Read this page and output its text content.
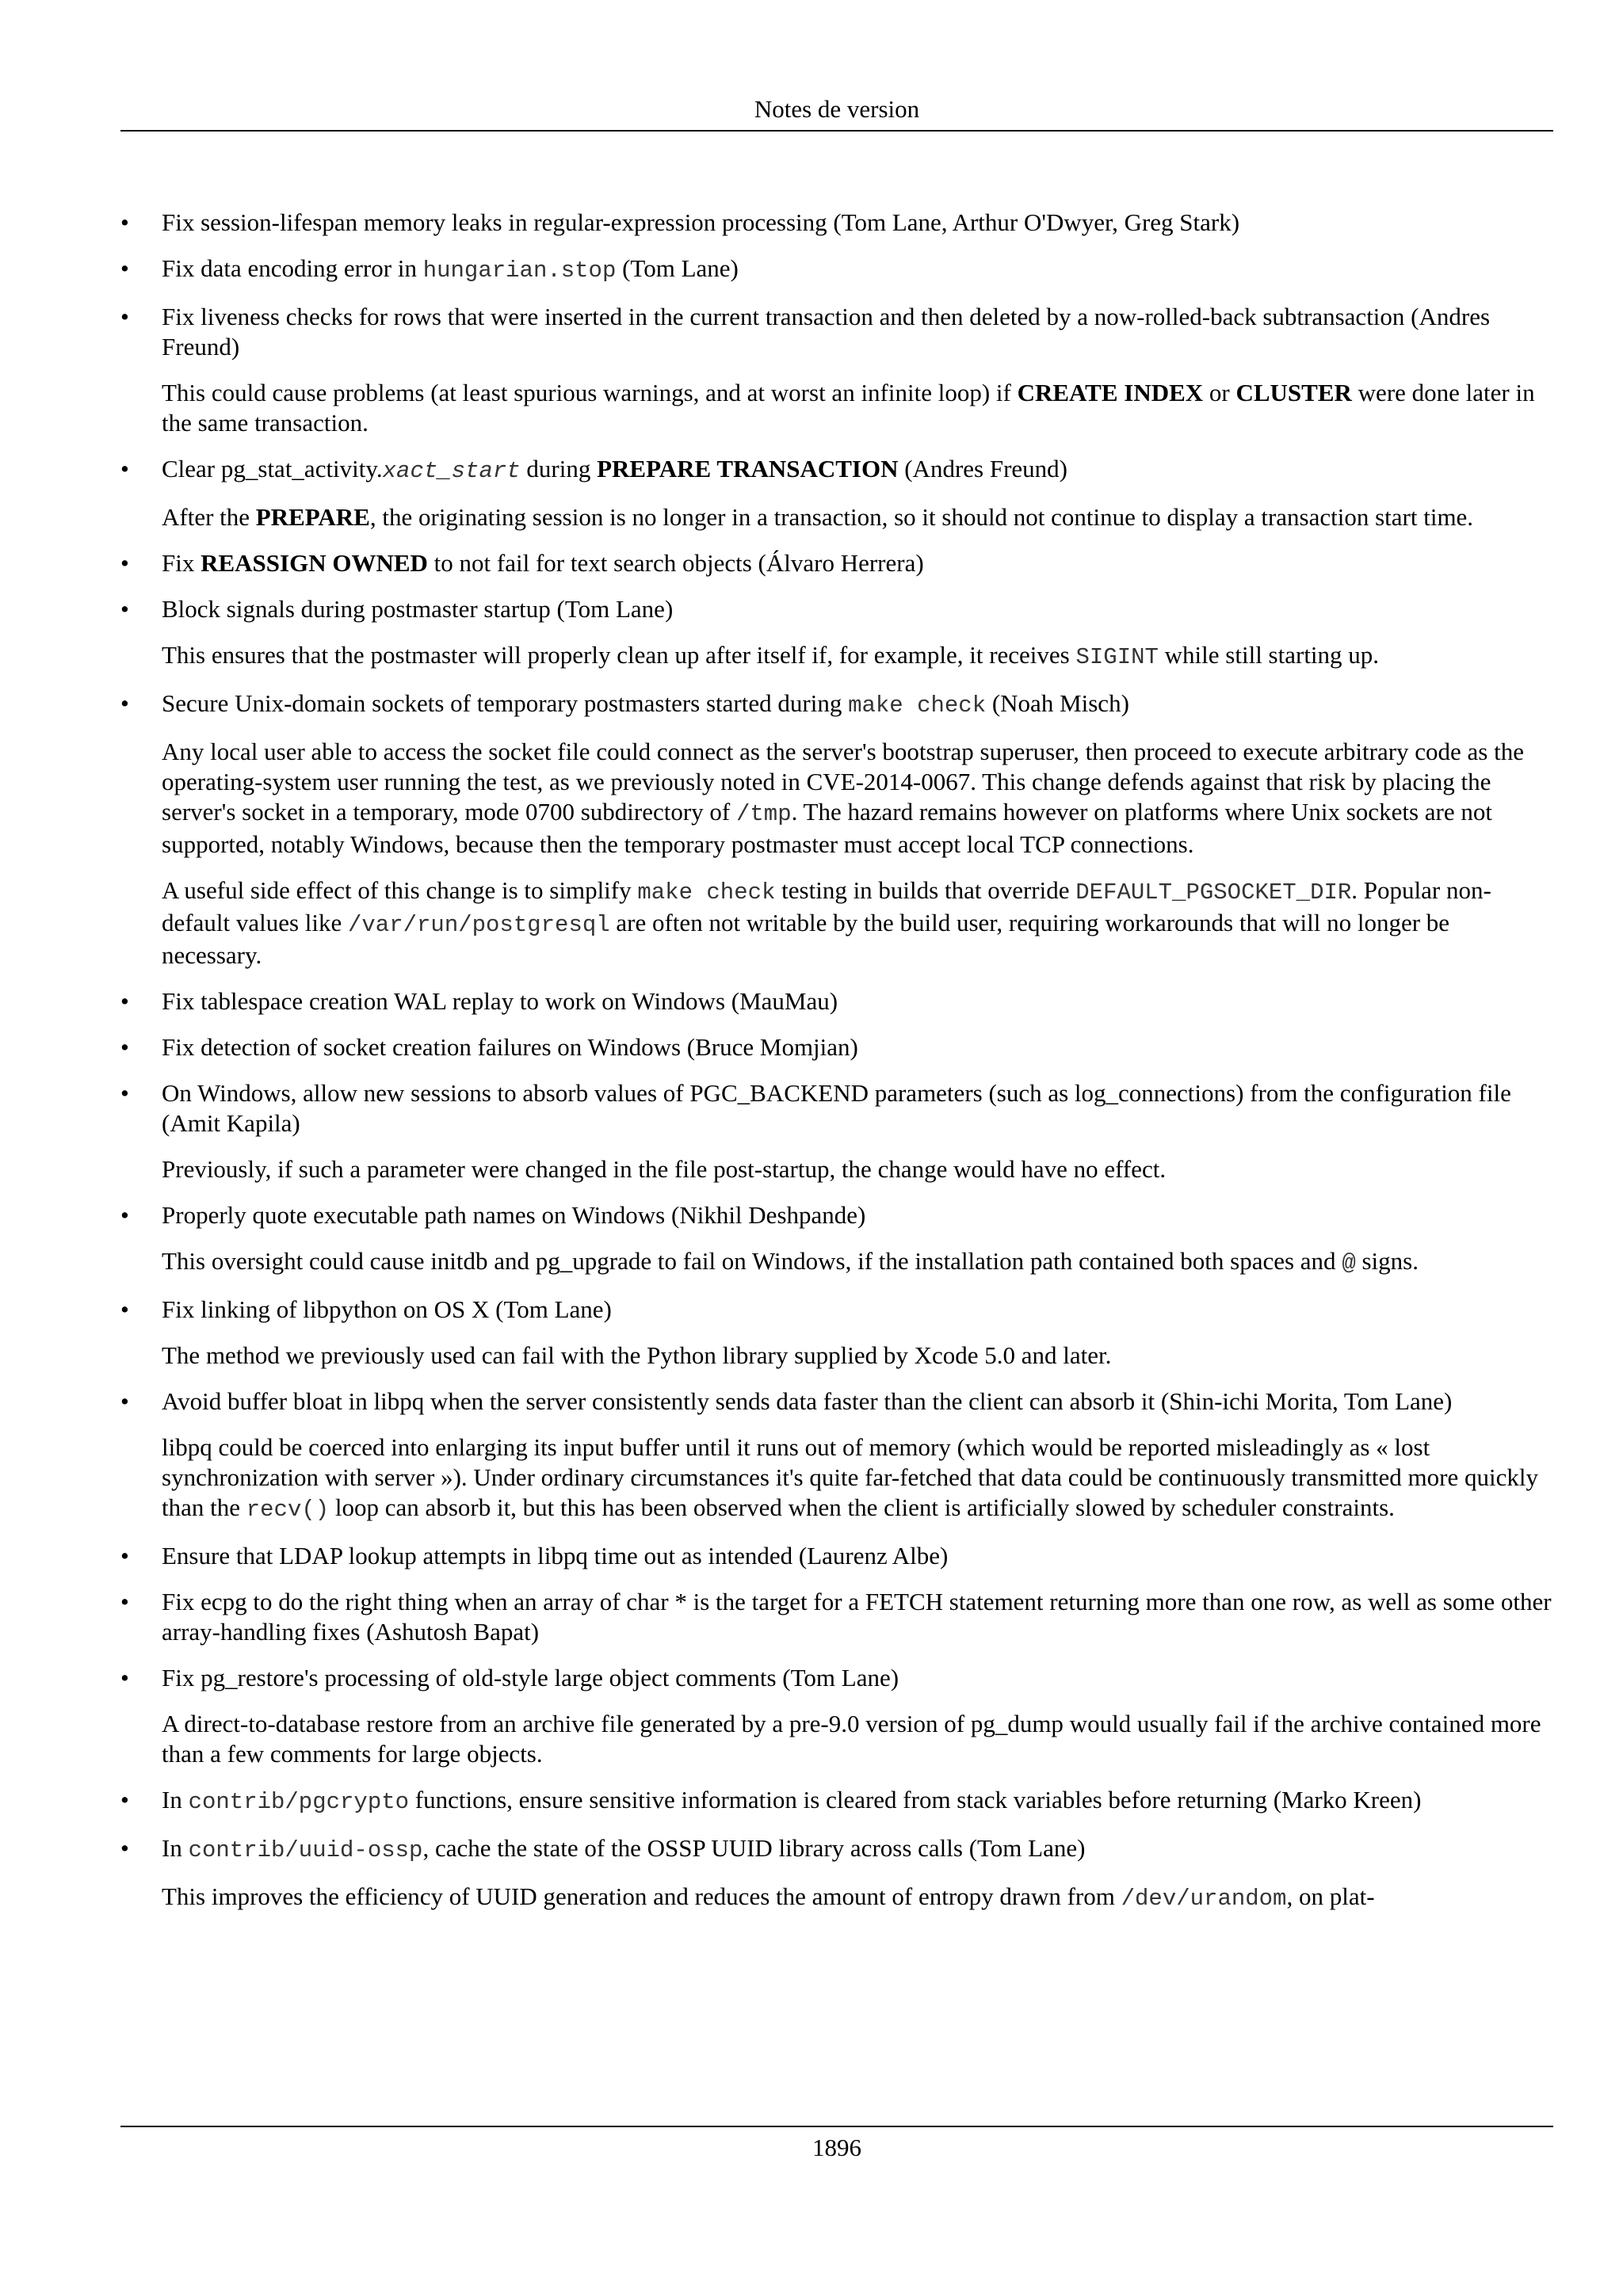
Notes de version
•	Fix session-lifespan memory leaks in regular-expression processing (Tom Lane, Arthur O'Dwyer, Greg Stark)

•	Fix data encoding error in hungarian.stop (Tom Lane)

•	Fix liveness checks for rows that were inserted in the current transaction and then deleted by a now-rolled-back subtransaction (Andres Freund)

This could cause problems (at least spurious warnings, and at worst an infinite loop) if CREATE INDEX or CLUSTER were done later in the same transaction.

•	Clear pg_stat_activity.xact_start during PREPARE TRANSACTION (Andres Freund)

After the PREPARE, the originating session is no longer in a transaction, so it should not continue to display a transaction start time.

•	Fix REASSIGN OWNED to not fail for text search objects (Álvaro Herrera)

•	Block signals during postmaster startup (Tom Lane)

This ensures that the postmaster will properly clean up after itself if, for example, it receives SIGINT while still starting up.

•	Secure Unix-domain sockets of temporary postmasters started during make check (Noah Misch)

Any local user able to access the socket file could connect as the server's bootstrap superuser, then proceed to execute arbitrary code as the operating-system user running the test, as we previously noted in CVE-2014-0067. This change defends against that risk by placing the server's socket in a temporary, mode 0700 subdirectory of /tmp. The hazard remains however on platforms where Unix sockets are not supported, notably Windows, because then the temporary postmaster must accept local TCP connections.

A useful side effect of this change is to simplify make check testing in builds that override DEFAULT_PGSOCKET_DIR. Popular non-default values like /var/run/postgresql are often not writable by the build user, requiring workarounds that will no longer be necessary.

•	Fix tablespace creation WAL replay to work on Windows (MauMau)

•	Fix detection of socket creation failures on Windows (Bruce Momjian)

•	On Windows, allow new sessions to absorb values of PGC_BACKEND parameters (such as log_connections) from the configuration file (Amit Kapila)

Previously, if such a parameter were changed in the file post-startup, the change would have no effect.

•	Properly quote executable path names on Windows (Nikhil Deshpande)

This oversight could cause initdb and pg_upgrade to fail on Windows, if the installation path contained both spaces and @ signs.

•	Fix linking of libpython on OS X (Tom Lane)

The method we previously used can fail with the Python library supplied by Xcode 5.0 and later.

•	Avoid buffer bloat in libpq when the server consistently sends data faster than the client can absorb it (Shin-ichi Morita, Tom Lane)

libpq could be coerced into enlarging its input buffer until it runs out of memory (which would be reported misleadingly as « lost synchronization with server »). Under ordinary circumstances it's quite far-fetched that data could be continuously transmitted more quickly than the recv() loop can absorb it, but this has been observed when the client is artificially slowed by scheduler constraints.

•	Ensure that LDAP lookup attempts in libpq time out as intended (Laurenz Albe)

•	Fix ecpg to do the right thing when an array of char * is the target for a FETCH statement returning more than one row, as well as some other array-handling fixes (Ashutosh Bapat)

•	Fix pg_restore's processing of old-style large object comments (Tom Lane)

A direct-to-database restore from an archive file generated by a pre-9.0 version of pg_dump would usually fail if the archive contained more than a few comments for large objects.

•	In contrib/pgcrypto functions, ensure sensitive information is cleared from stack variables before returning (Marko Kreen)

•	In contrib/uuid-ossp, cache the state of the OSSP UUID library across calls (Tom Lane)

This improves the efficiency of UUID generation and reduces the amount of entropy drawn from /dev/urandom, on plat-

1896
